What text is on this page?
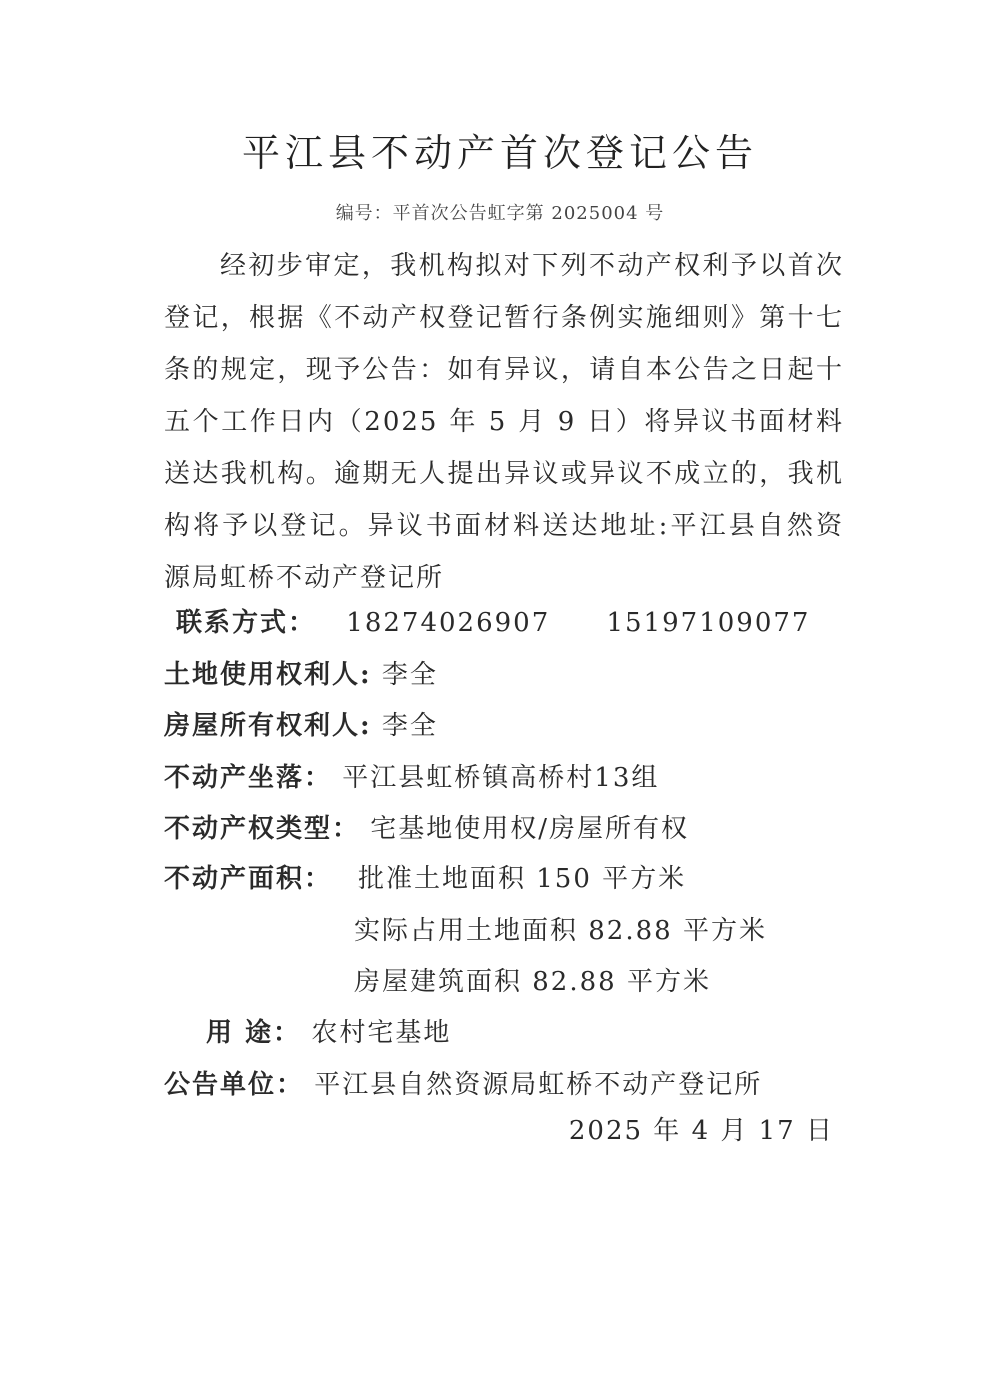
平江县不动产首次登记公告
编号：平首次公告虹字第 2025004 号

经初步审定，我机构拟对下列不动产权利予以首次登记，根据《不动产权登记暂行条例实施细则》第十七条的规定，现予公告：如有异议，请自本公告之日起十五个工作日内（2025 年 5 月 9 日）将异议书面材料送达我机构。逾期无人提出异议或异议不成立的，我机构将予以登记。异议书面材料送达地址:平江县自然资源局虹桥不动产登记所

联系方式： 18274026907 15197109077
土地使用权利人: 李全
房屋所有权利人: 李全
不动产坐落： 平江县虹桥镇高桥村13组
不动产权类型： 宅基地使用权/房屋所有权
不动产面积： 批准土地面积 150 平方米
实际占用土地面积 82.88 平方米
房屋建筑面积 82.88 平方米
用 途： 农村宅基地
公告单位： 平江县自然资源局虹桥不动产登记所
2025 年 4 月 17 日
